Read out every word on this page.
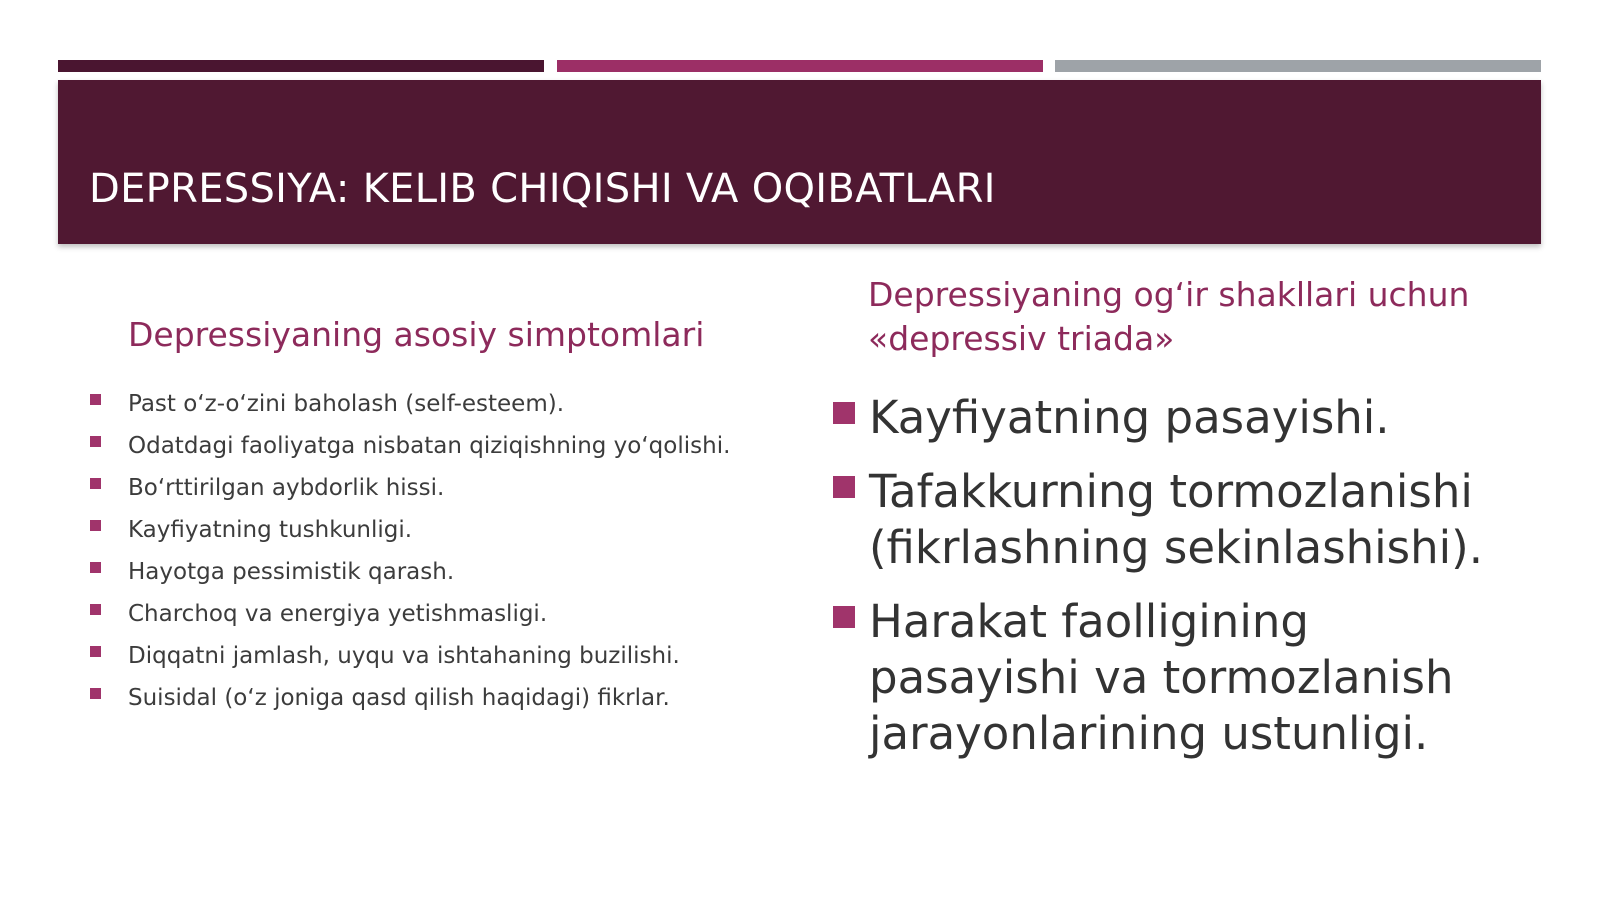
DEPRESSIYA: KELIB CHIQISHI VA OQIBATLARI
Depressiyaning asosiy simptomlari
Past o‘z-o‘zini baholash (self-esteem).
Odatdagi faoliyatga nisbatan qiziqishning yo‘qolishi.
Bo‘rttirilgan aybdorlik hissi.
Kayfiyatning tushkunligi.
Hayotga pessimistik qarash.
Charchoq va energiya yetishmasligi.
Diqqatni jamlash, uyqu va ishtahaning buzilishi.
Suisidal (o‘z joniga qasd qilish haqidagi) fikrlar.
Depressiyaning og‘ir shakllari uchun «depressiv triada»
Kayfiyatning pasayishi.
Tafakkurning tormozlanishi (fikrlashning sekinlashishi).
Harakat faolligining pasayishi va tormozlanish jarayonlarining ustunligi.
